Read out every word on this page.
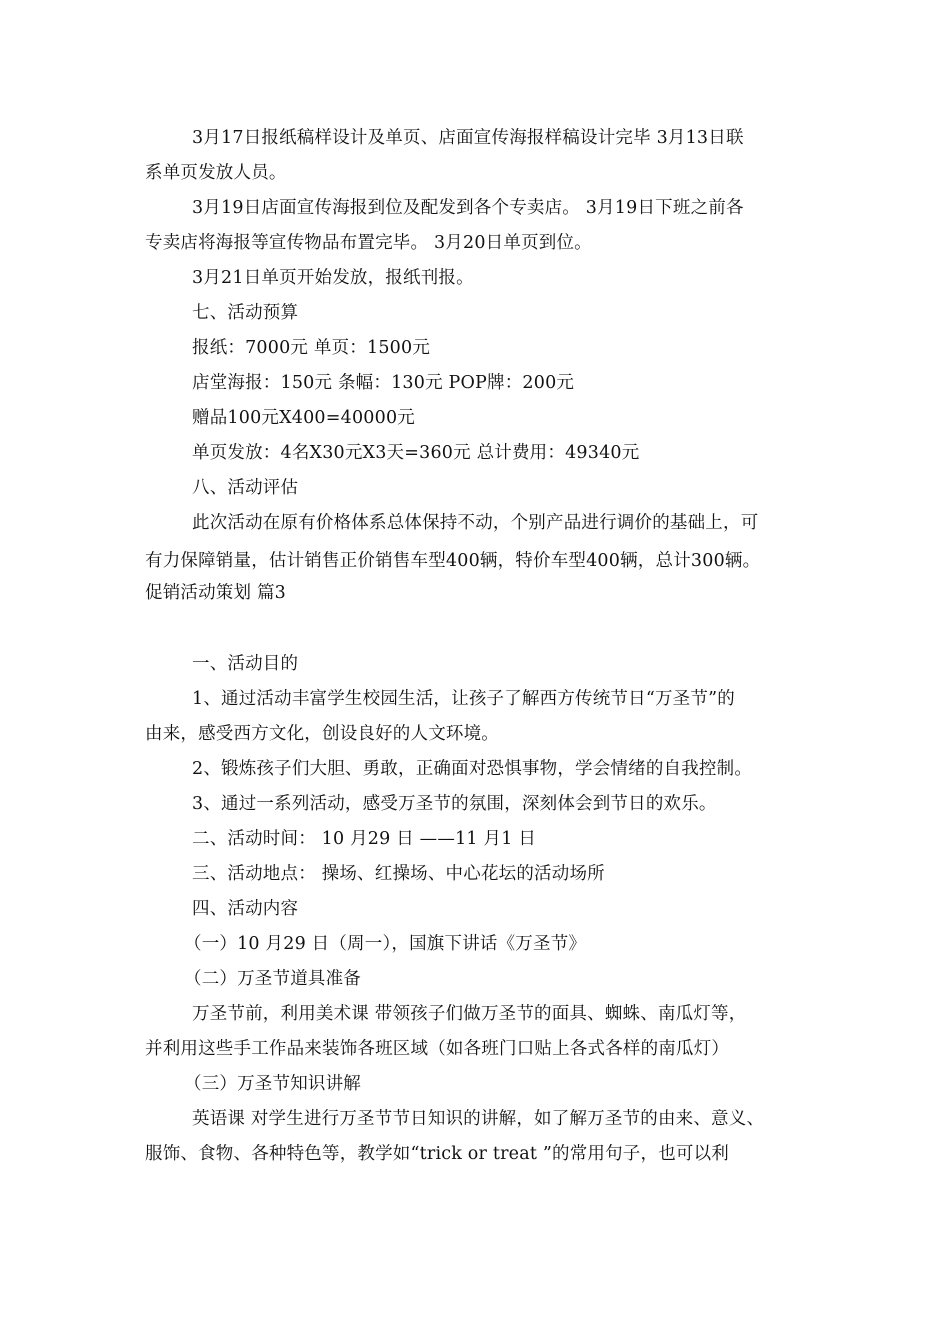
3月17日报纸稿样设计及单页、店面宣传海报样稿设计完毕 3月13日联
系单页发放人员。
3月19日店面宣传海报到位及配发到各个专卖店。 3月19日下班之前各
专卖店将海报等宣传物品布置完毕。 3月20日单页到位。
3月21日单页开始发放，报纸刊报。
七、活动预算
报纸：7000元 单页：1500元
店堂海报：150元 条幅：130元 POP牌：200元
赠品100元X400=40000元
单页发放：4名X30元X3天=360元 总计费用：49340元
八、活动评估
此次活动在原有价格体系总体保持不动，个别产品进行调价的基础上，可
有力保障销量，估计销售正价销售车型400辆，特价车型400辆，总计300辆。
促销活动策划 篇3
一、活动目的
1、通过活动丰富学生校园生活，让孩子了解西方传统节日“万圣节”的
由来，感受西方文化，创设良好的人文环境。
2、锻炼孩子们大胆、勇敢，正确面对恐惧事物，学会情绪的自我控制。
3、通过一系列活动，感受万圣节的氛围，深刻体会到节日的欢乐。
二、活动时间： 10 月29 日 ——11 月1 日
三、活动地点： 操场、红操场、中心花坛的活动场所
四、活动内容
（一）10 月29 日（周一），国旗下讲话《万圣节》
（二）万圣节道具准备
万圣节前，利用美术课 带领孩子们做万圣节的面具、蜘蛛、南瓜灯等，
并利用这些手工作品来装饰各班区域（如各班门口贴上各式各样的南瓜灯）
（三）万圣节知识讲解
英语课 对学生进行万圣节节日知识的讲解，如了解万圣节的由来、意义、
服饰、食物、各种特色等，教学如“trick or treat ”的常用句子，也可以利
